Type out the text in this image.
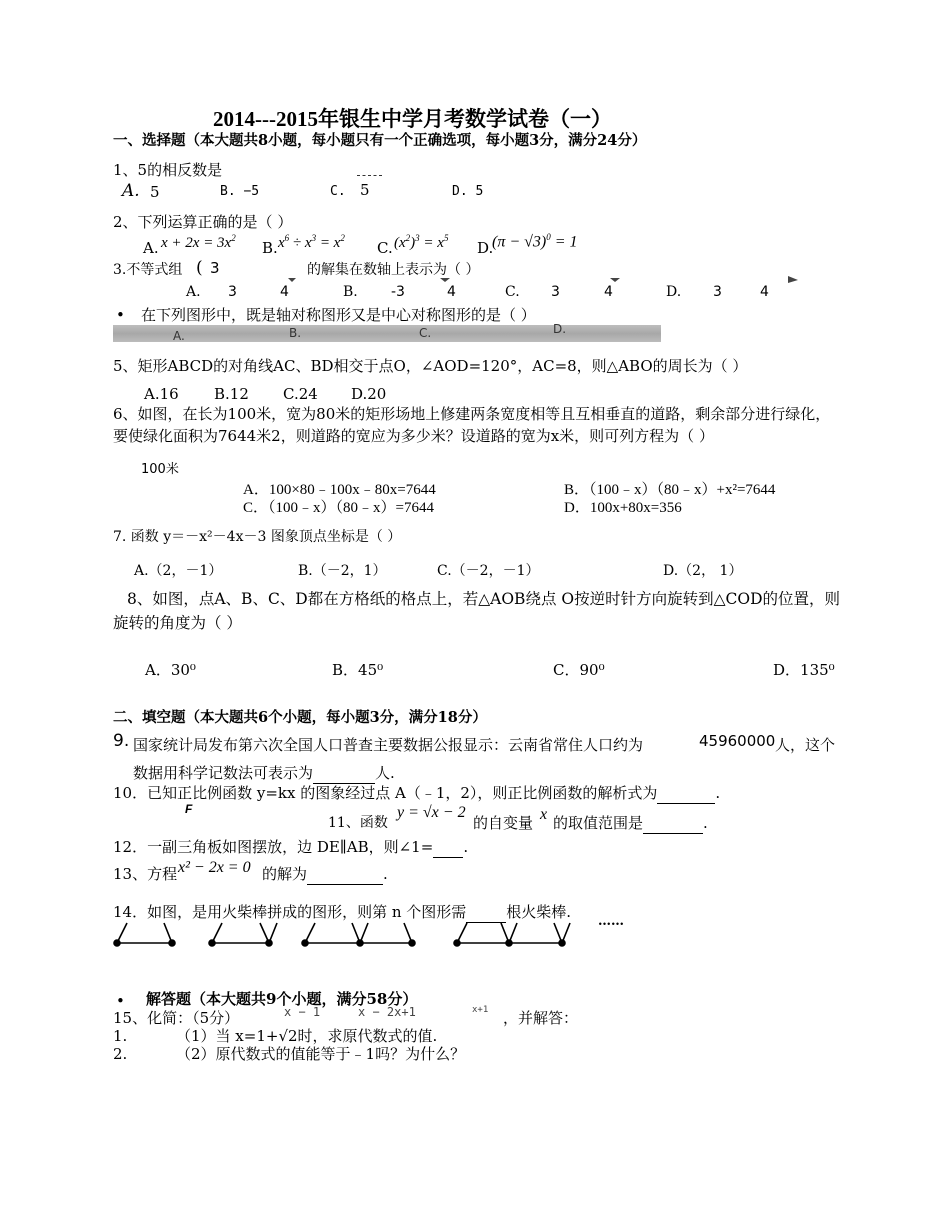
2014---2015年银生中学月考数学试卷（一）
一、选择题（本大题共8小题，每小题只有一个正确选项，每小题3分，满分24分）
1、5的相反数是
A. 5	B. −5	C. 5	D. 5
2、下列运算正确的是（ ）
A. $x + 2x = 3x^2$
B. $x^6 \div x^3 = x^2$
C. $(x^2)^3 = x^5$
D.
$(\pi - √3)^0 = 1$
3.不等式组 ( 3	的解集在数轴上表示为（ ）
A. 3	4	B. -3	4	C. 3	4	D. 3	4
• 在下列图形中，既是轴对称图形又是中心对称图形的是（ ）
A.	B.	C.	D.
5、矩形ABCD的对角线AC、BD相交于点O，∠AOD=120°，AC=8，则△ABO的周长为（ ）
A.16 B.12 C.24 D.20
6、如图，在长为100米，宽为80米的矩形场地上修建两条宽度相等且互相垂直的道路，剩余部分进行绿化，要使绿化面积为7644米2，则道路的宽应为多少米？设道路的宽为x米，则可列方程为（ ）
100米
A．100×80﹣100x﹣80x=7644	B．（100﹣x）（80﹣x）+x²=7644
C．（100﹣x）（80﹣x）=7644	D．100x+80x=356
7. 函数 y＝－x²－4x－3 图象顶点坐标是（ ）
A.（2，－1）	B.（－2，1）	C.（－2，－1）	D.（2， 1）
8、如图，点A、B、C、D都在方格纸的格点上，若△AOB绕点 O按逆时针方向旋转到△COD的位置，则旋转的角度为（ ）
A．30⁰	B．45⁰	C．90⁰	D．135⁰
二、填空题（本大题共6个小题，每小题3分，满分18分）
9. 国家统计局发布第六次全国人口普查主要数据公报显示：云南省常住人口约为	45960000 人，这个
数据用科学记数法可表示为	人.
10．已知正比例函数 y=kx 的图象经过点 A（﹣1，2），则正比例函数的解析式为	.
F
11、函数
y = √x − 2
的自变量 x 的取值范围是	.
12．一副三角板如图摆放，边 DE∥AB，则∠1= .
13、方程 x² − 2x = 0 的解为	.
14．如图，是用火柴棒拼成的图形，则第 n 个图形需	根火柴棒.
……
• 解答题（本大题共9个小题，满分58分）
15、化简：（5分）	x − 1	x − 2x+1	x+1 ，并解答：
1.	（1）当 x=1+√2时，求原代数式的值.
2.	（2）原代数式的值能等于﹣1吗？为什么？
